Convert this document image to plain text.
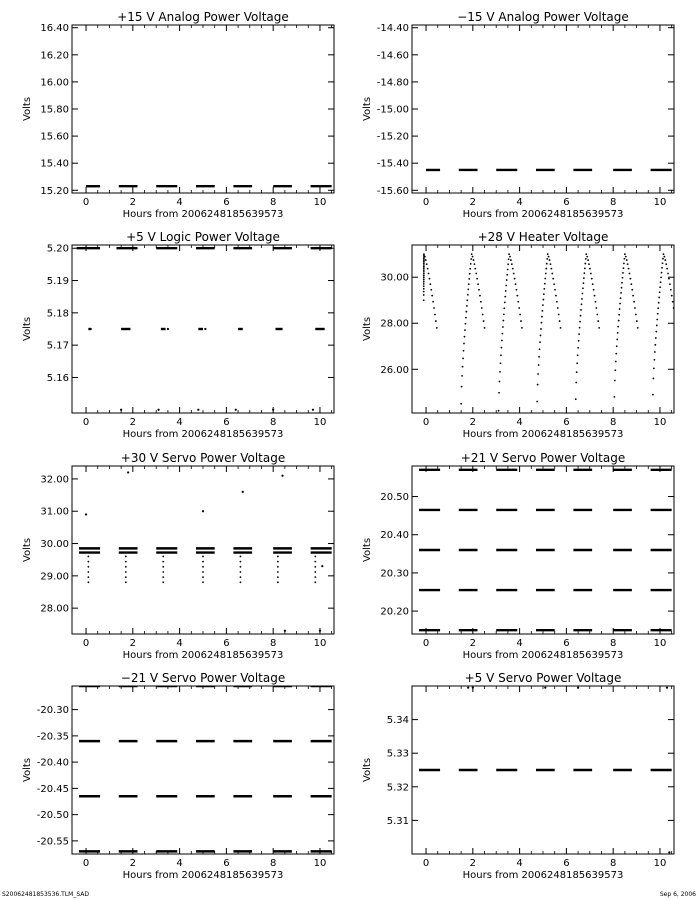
+15 V Analog Power Voltage
0	2	4	6	8	10
15.20
15.40
15.60
15.80
16.00
16.20
16.40
Hours from 2006248185639573
Volts
−15 V Analog Power Voltage
0	2	4	6	8	10
-14.40
-14.60
-14.80
-15.00
-15.20
-15.40
-15.60
Hours from 2006248185639573
Volts
+5 V Logic Power Voltage
0	2	4	6	8	10
5.16
5.17
5.18
5.19
5.20
Hours from 2006248185639573
Volts
+28 V Heater Voltage
0	2	4	6	8	10
26.00
28.00
30.00
Hours from 2006248185639573
Volts
+30 V Servo Power Voltage
0	2	4	6	8	10
28.00
29.00
30.00
31.00
32.00
Hours from 2006248185639573
Volts
+21 V Servo Power Voltage
0	2	4	6	8	10
20.20
20.30
20.40
20.50
Hours from 2006248185639573
Volts
−21 V Servo Power Voltage
0	2	4	6	8	10
-20.30
-20.35
-20.40
-20.45
-20.50
-20.55
Hours from 2006248185639573
Volts
+5 V Servo Power Voltage
0	2	4	6	8	10
5.31
5.32
5.33
5.34
Hours from 2006248185639573
Volts
S20062481853536.TLM_SAD	Sep 6, 2006
